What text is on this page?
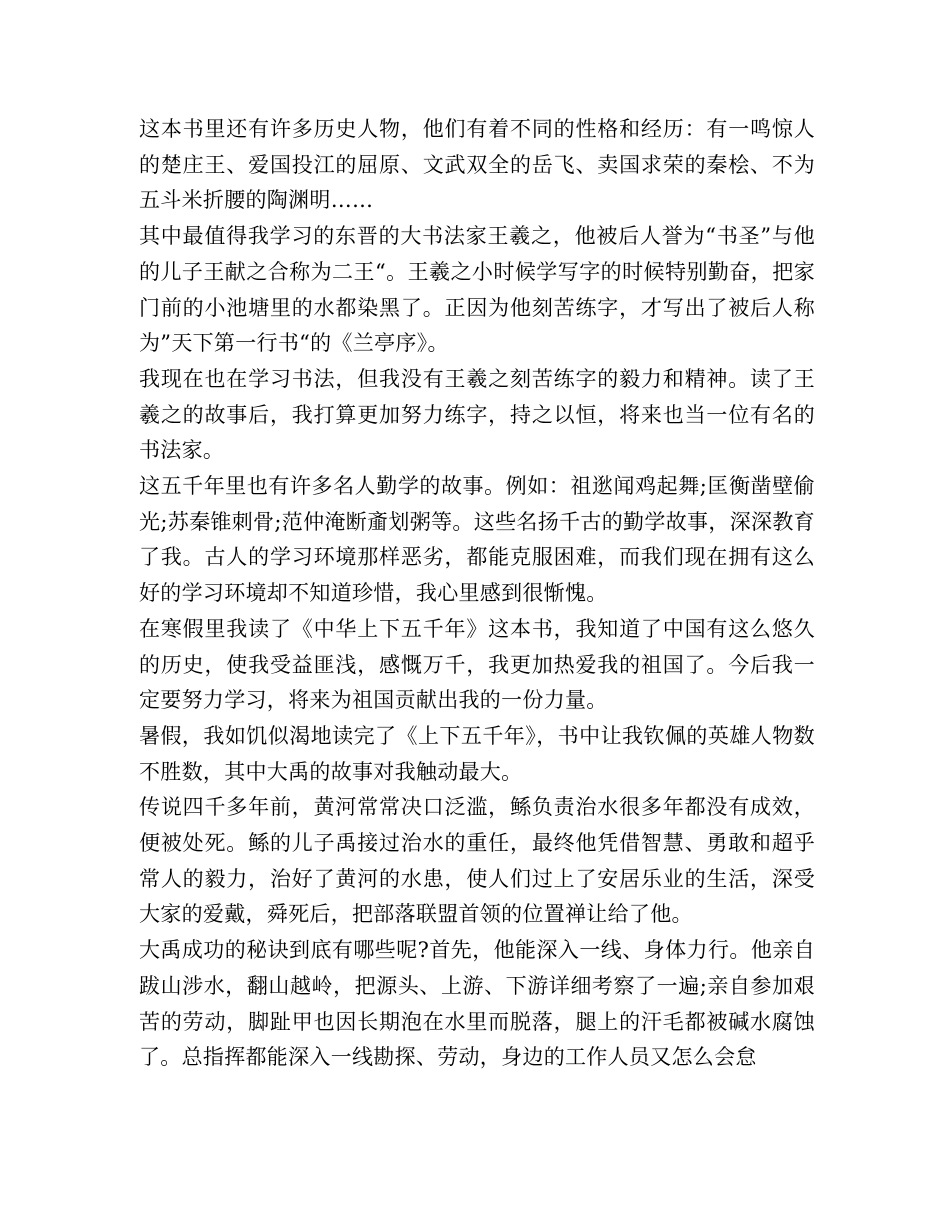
这本书里还有许多历史人物，他们有着不同的性格和经历：有一鸣惊人的楚庄王、爱国投江的屈原、文武双全的岳飞、卖国求荣的秦桧、不为五斗米折腰的陶渊明……

其中最值得我学习的东晋的大书法家王羲之，他被后人誉为“书圣”与他的儿子王献之合称为二王“。王羲之小时候学写字的时候特别勤奋，把家门前的小池塘里的水都染黑了。正因为他刻苦练字，才写出了被后人称为”天下第一行书“的《兰亭序》。

我现在也在学习书法，但我没有王羲之刻苦练字的毅力和精神。读了王羲之的故事后，我打算更加努力练字，持之以恒，将来也当一位有名的书法家。

这五千年里也有许多名人勤学的故事。例如：祖逖闻鸡起舞;匡衡凿壁偷光;苏秦锥刺骨;范仲淹断齑划粥等。这些名扬千古的勤学故事，深深教育了我。古人的学习环境那样恶劣，都能克服困难，而我们现在拥有这么好的学习环境却不知道珍惜，我心里感到很惭愧。

在寒假里我读了《中华上下五千年》这本书，我知道了中国有这么悠久的历史，使我受益匪浅，感慨万千，我更加热爱我的祖国了。今后我一定要努力学习，将来为祖国贡献出我的一份力量。

暑假，我如饥似渴地读完了《上下五千年》，书中让我钦佩的英雄人物数不胜数，其中大禹的故事对我触动最大。

传说四千多年前，黄河常常决口泛滥，鲧负责治水很多年都没有成效，便被处死。鲧的儿子禹接过治水的重任，最终他凭借智慧、勇敢和超乎常人的毅力，治好了黄河的水患，使人们过上了安居乐业的生活，深受大家的爱戴，舜死后，把部落联盟首领的位置禅让给了他。

大禹成功的秘诀到底有哪些呢?首先，他能深入一线、身体力行。他亲自跋山涉水，翻山越岭，把源头、上游、下游详细考察了一遍;亲自参加艰苦的劳动，脚趾甲也因长期泡在水里而脱落，腿上的汗毛都被碱水腐蚀了。总指挥都能深入一线勘探、劳动，身边的工作人员又怎么会怠
